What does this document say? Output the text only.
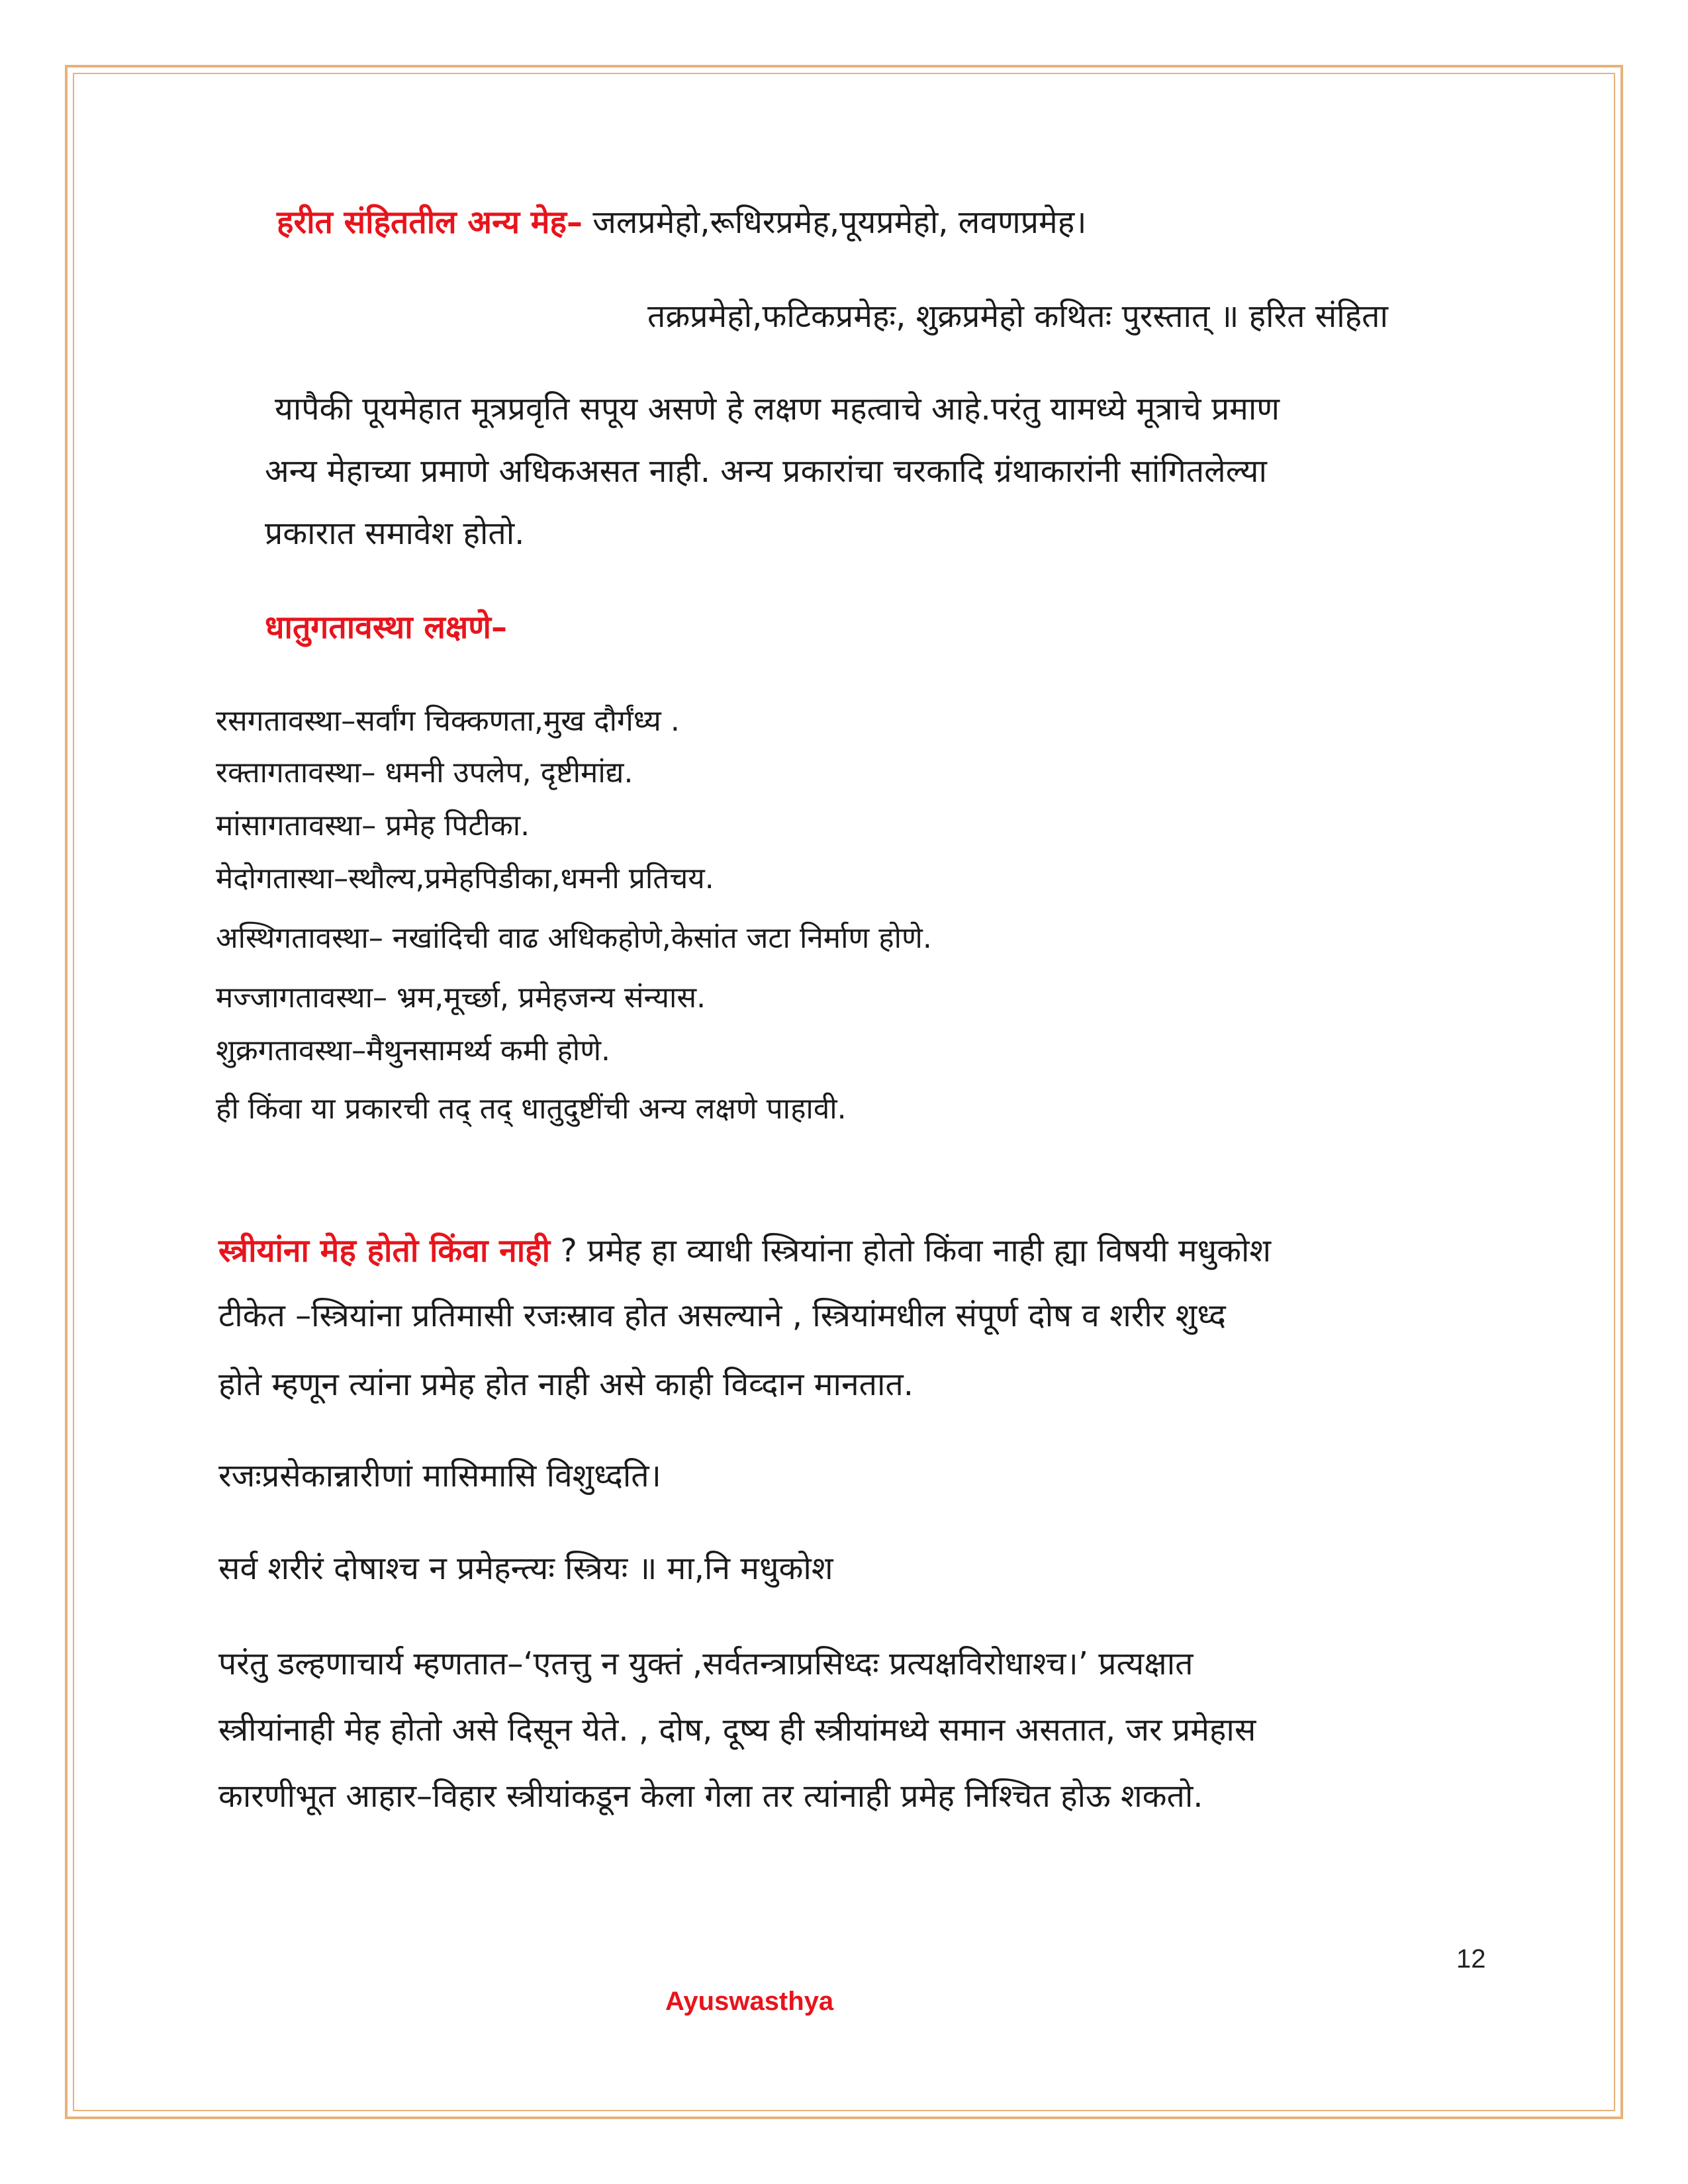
हरीत संहिततील अन्य मेह– जलप्रमेहो,रूधिरप्रमेह,पूयप्रमेहो, लवणप्रमेह।
तक्रप्रमेहो,फटिकप्रमेहः, शुक्रप्रमेहो कथितः पुरस्तात् ॥ हरित संहिता
यापैकी पूयमेहात मूत्रप्रवृति सपूय असणे हे लक्षण महत्वाचे आहे.परंतु यामध्ये मूत्राचे प्रमाण
अन्य मेहाच्या प्रमाणे अधिकअसत नाही. अन्य प्रकारांचा चरकादि ग्रंथाकारांनी सांगितलेल्या
प्रकारात समावेश होतो.
धातुगतावस्था लक्षणे–
रसगतावस्था–सर्वांग चिक्कणता,मुख दौर्गंध्य .
रक्तागतावस्था– धमनी उपलेप, दृष्टीमांद्य.
मांसागतावस्था– प्रमेह पिटीका.
मेदोगतास्था–स्थौल्य,प्रमेहपिडीका,धमनी प्रतिचय.
अस्थिगतावस्था– नखांदिची वाढ अधिकहोणे,केसांत जटा निर्माण होणे.
मज्जागतावस्था– भ्रम,मूर्च्छा, प्रमेहजन्य संन्यास.
शुक्रगतावस्था–मैथुनसामर्थ्य कमी होणे.
ही किंवा या प्रकारची तद् तद् धातुदुष्टींची अन्य लक्षणे पाहावी.
स्त्रीयांना मेह होतो किंवा नाही ? प्रमेह हा व्याधी स्त्रियांना होतो किंवा नाही ह्या विषयी मधुकोश
टीकेत –स्त्रियांना प्रतिमासी रजःस्राव होत असल्याने , स्त्रियांमधील संपूर्ण दोष व शरीर शुध्द
होते म्हणून त्यांना प्रमेह होत नाही असे काही विव्दान मानतात.
रजःप्रसेकान्नारीणां मासिमासि विशुध्दति।
सर्व शरीरं दोषाश्च न प्रमेहन्त्यः स्त्रियः ॥ मा,नि मधुकोश
परंतु डल्हणाचार्य म्हणतात–‘एतत्तु न युक्तं ,सर्वतन्त्राप्रसिध्दः प्रत्यक्षविरोधाश्च।’ प्रत्यक्षात
स्त्रीयांनाही मेह होतो असे दिसून येते. , दोष, दूष्य ही स्त्रीयांमध्ये समान असतात, जर प्रमेहास
कारणीभूत आहार–विहार स्त्रीयांकडून केला गेला तर त्यांनाही प्रमेह निश्चित होऊ शकतो.
12
Ayuswasthya
